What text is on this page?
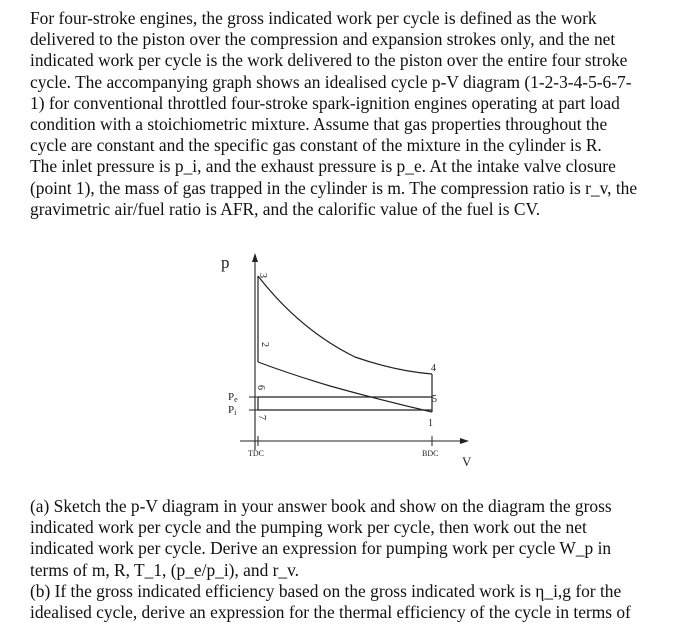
For four-stroke engines, the gross indicated work per cycle is defined as the work

delivered to the piston over the compression and expansion strokes only, and the net

indicated work per cycle is the work delivered to the piston over the entire four stroke

cycle. The accompanying graph shows an idealised cycle p-V diagram (1-2-3-4-5-6-7-

1) for conventional throttled four-stroke spark-ignition engines operating at part load

condition with a stoichiometric mixture. Assume that gas properties throughout the

cycle are constant and the specific gas constant of the mixture in the cylinder is R.

The inlet pressure is p_i, and the exhaust pressure is p_e. At the intake valve closure

(point 1), the mass of gas trapped in the cylinder is m. The compression ratio is r_v, the

gravimetric air/fuel ratio is AFR, and the calorific value of the fuel is CV.

p
V
Pe
Pi
TDC	BDC
3
2
6
7
4
5
1

(a) Sketch the p-V diagram in your answer book and show on the diagram the gross

indicated work per cycle and the pumping work per cycle, then work out the net

indicated work per cycle. Derive an expression for pumping work per cycle W_p in

terms of m, R, T_1, (p_e/p_i), and r_v.

(b) If the gross indicated efficiency based on the gross indicated work is η_i,g for the

idealised cycle, derive an expression for the thermal efficiency of the cycle in terms of
